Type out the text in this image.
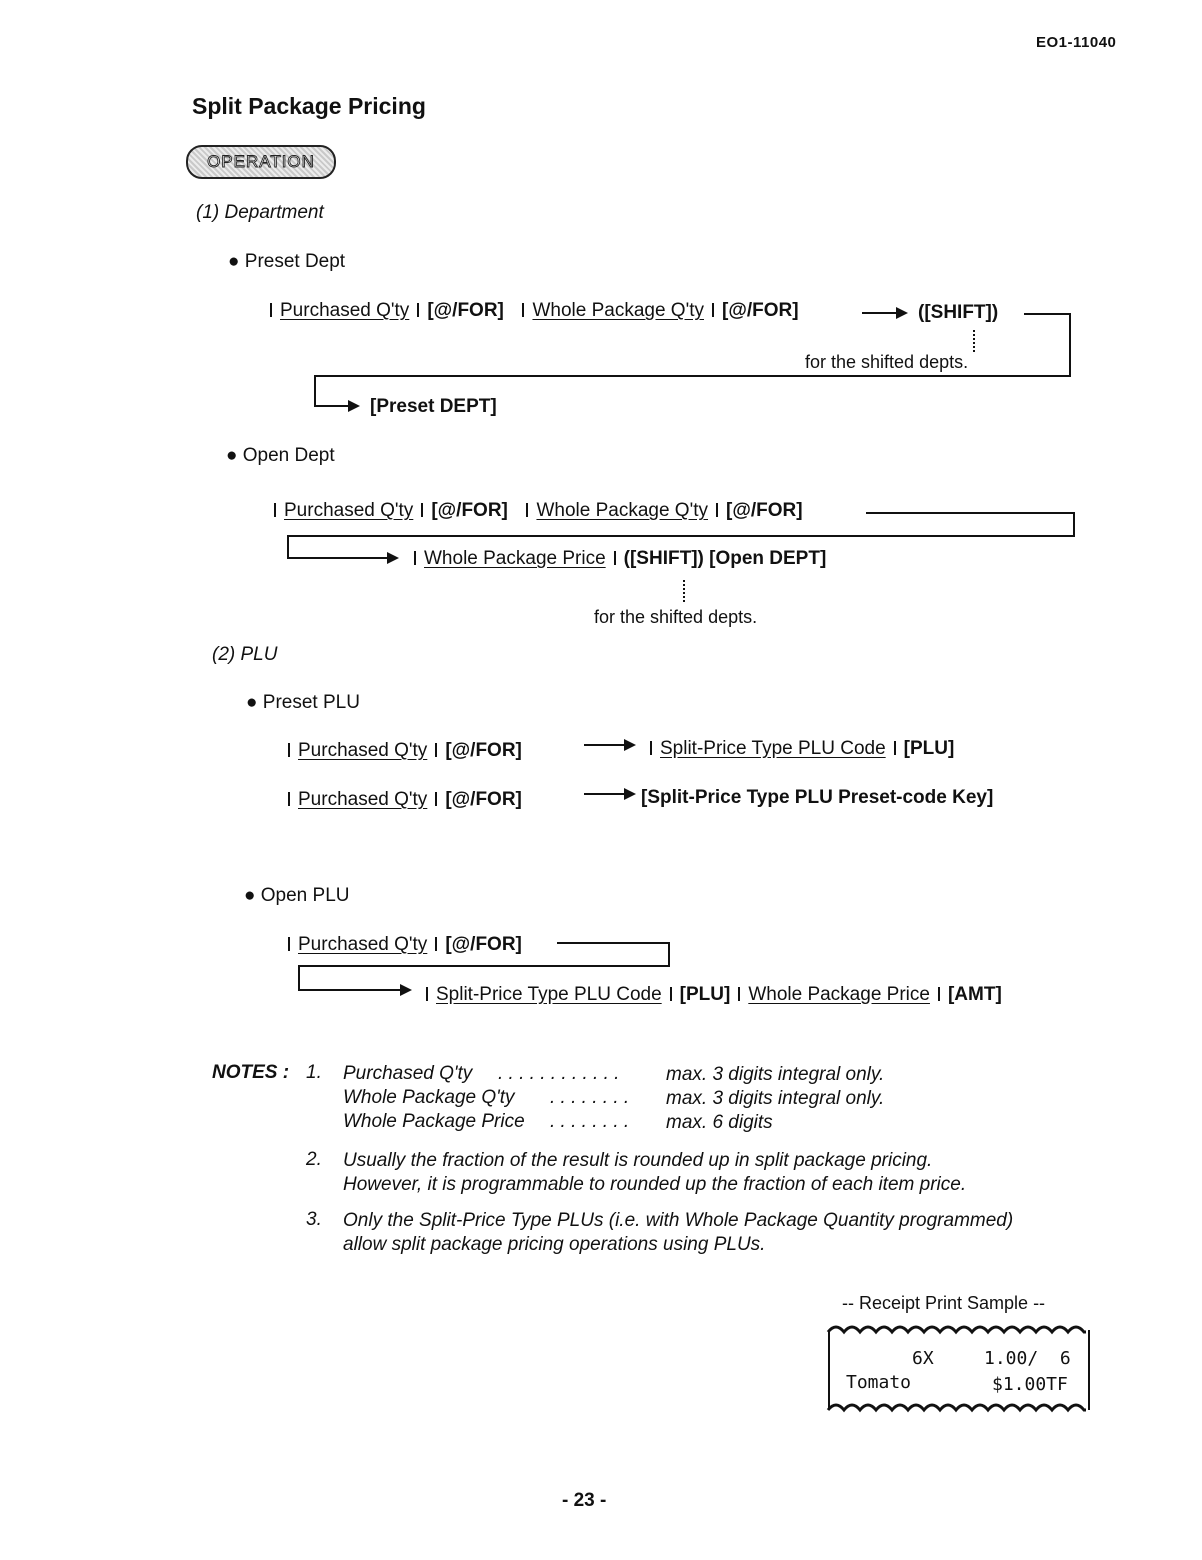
EO1-11040
Split Package Pricing
OPERATION
(1) Department
● Preset Dept
Purchased Q'ty [@/FOR] Whole Package Q'ty [@/FOR]	([SHIFT])
for the shifted depts.
[Preset DEPT]
● Open Dept
Purchased Q'ty [@/FOR] Whole Package Q'ty [@/FOR]
Whole Package Price ([SHIFT]) [Open DEPT]
for the shifted depts.
(2) PLU
● Preset PLU
Purchased Q'ty [@/FOR]	Split-Price Type PLU Code [PLU]
Purchased Q'ty [@/FOR]	[Split-Price Type PLU Preset-code Key]
● Open PLU
Purchased Q'ty [@/FOR]
Split-Price Type PLU Code [PLU] Whole Package Price [AMT]
NOTES : 1. Purchased Q'ty . . . . . . . . . . . . max. 3 digits integral only.
Whole Package Q'ty . . . . . . . . max. 3 digits integral only.
Whole Package Price . . . . . . . . max. 6 digits
2. Usually the fraction of the result is rounded up in split package pricing.
However, it is programmable to rounded up the fraction of each item price.
3. Only the Split-Price Type PLUs (i.e. with Whole Package Quantity programmed)
allow split package pricing operations using PLUs.
-- Receipt Print Sample --
6X	1.00/  6
Tomato	$1.00TF
- 23 -
